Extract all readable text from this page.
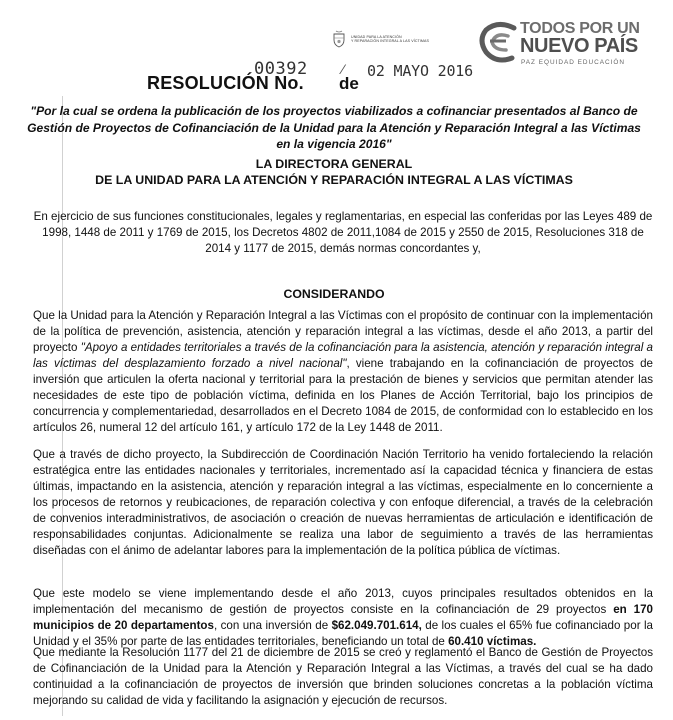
UNIDAD PARA LA ATENCIÓN
Y REPARACIÓN INTEGRAL A LAS VÍCTIMAS
TODOS POR UN
NUEVO PAÍS
PAZ EQUIDAD EDUCACIÓN
RESOLUCIÓN No.
00392 ⁄
de
02 MAYO 2016
"Por la cual se ordena la publicación de los proyectos viabilizados a cofinanciar presentados al Banco de Gestión de Proyectos de Cofinanciación de la Unidad para la Atención y Reparación Integral a las Víctimas en la vigencia 2016"
LA DIRECTORA GENERAL
DE LA UNIDAD PARA LA ATENCIÓN Y REPARACIÓN INTEGRAL A LAS VÍCTIMAS
En ejercicio de sus funciones constitucionales, legales y reglamentarias, en especial las conferidas por las Leyes 489 de 1998, 1448 de 2011 y 1769 de 2015, los Decretos 4802 de 2011,1084 de 2015 y 2550 de 2015, Resoluciones 318 de 2014 y 1177 de 2015, demás normas concordantes y,
CONSIDERANDO
Que la Unidad para la Atención y Reparación Integral a las Víctimas con el propósito de continuar con la implementación de la política de prevención, asistencia, atención y reparación integral a las víctimas, desde el año 2013, a partir del proyecto "Apoyo a entidades territoriales a través de la cofinanciación para la asistencia, atención y reparación integral a las víctimas del desplazamiento forzado a nivel nacional", viene trabajando en la cofinanciación de proyectos de inversión que articulen la oferta nacional y territorial para la prestación de bienes y servicios que permitan atender las necesidades de este tipo de población víctima, definida en los Planes de Acción Territorial, bajo los principios de concurrencia y complementariedad, desarrollados en el Decreto 1084 de 2015, de conformidad con lo establecido en los artículos 26, numeral 12 del artículo 161, y artículo 172 de la Ley 1448 de 2011.
Que a través de dicho proyecto, la Subdirección de Coordinación Nación Territorio ha venido fortaleciendo la relación estratégica entre las entidades nacionales y territoriales, incrementado así la capacidad técnica y financiera de estas últimas, impactando en la asistencia, atención y reparación integral a las víctimas, especialmente en lo concerniente a los procesos de retornos y reubicaciones, de reparación colectiva y con enfoque diferencial, a través de la celebración de convenios interadministrativos, de asociación o creación de nuevas herramientas de articulación e identificación de responsabilidades conjuntas. Adicionalmente se realiza una labor de seguimiento a través de las herramientas diseñadas con el ánimo de adelantar labores para la implementación de la política pública de víctimas.
Que este modelo se viene implementando desde el año 2013, cuyos principales resultados obtenidos en la implementación del mecanismo de gestión de proyectos consiste en la cofinanciación de 29 proyectos en 170 municipios de 20 departamentos, con una inversión de $62.049.701.614, de los cuales el 65% fue cofinanciado por la Unidad y el 35% por parte de las entidades territoriales, beneficiando un total de 60.410 víctimas.
Que mediante la Resolución 1177 del 21 de diciembre de 2015 se creó y reglamentó el Banco de Gestión de Proyectos de Cofinanciación de la Unidad para la Atención y Reparación Integral a las Víctimas, a través del cual se ha dado continuidad a la cofinanciación de proyectos de inversión que brinden soluciones concretas a la población víctima mejorando su calidad de vida y facilitando la asignación y ejecución de recursos.
